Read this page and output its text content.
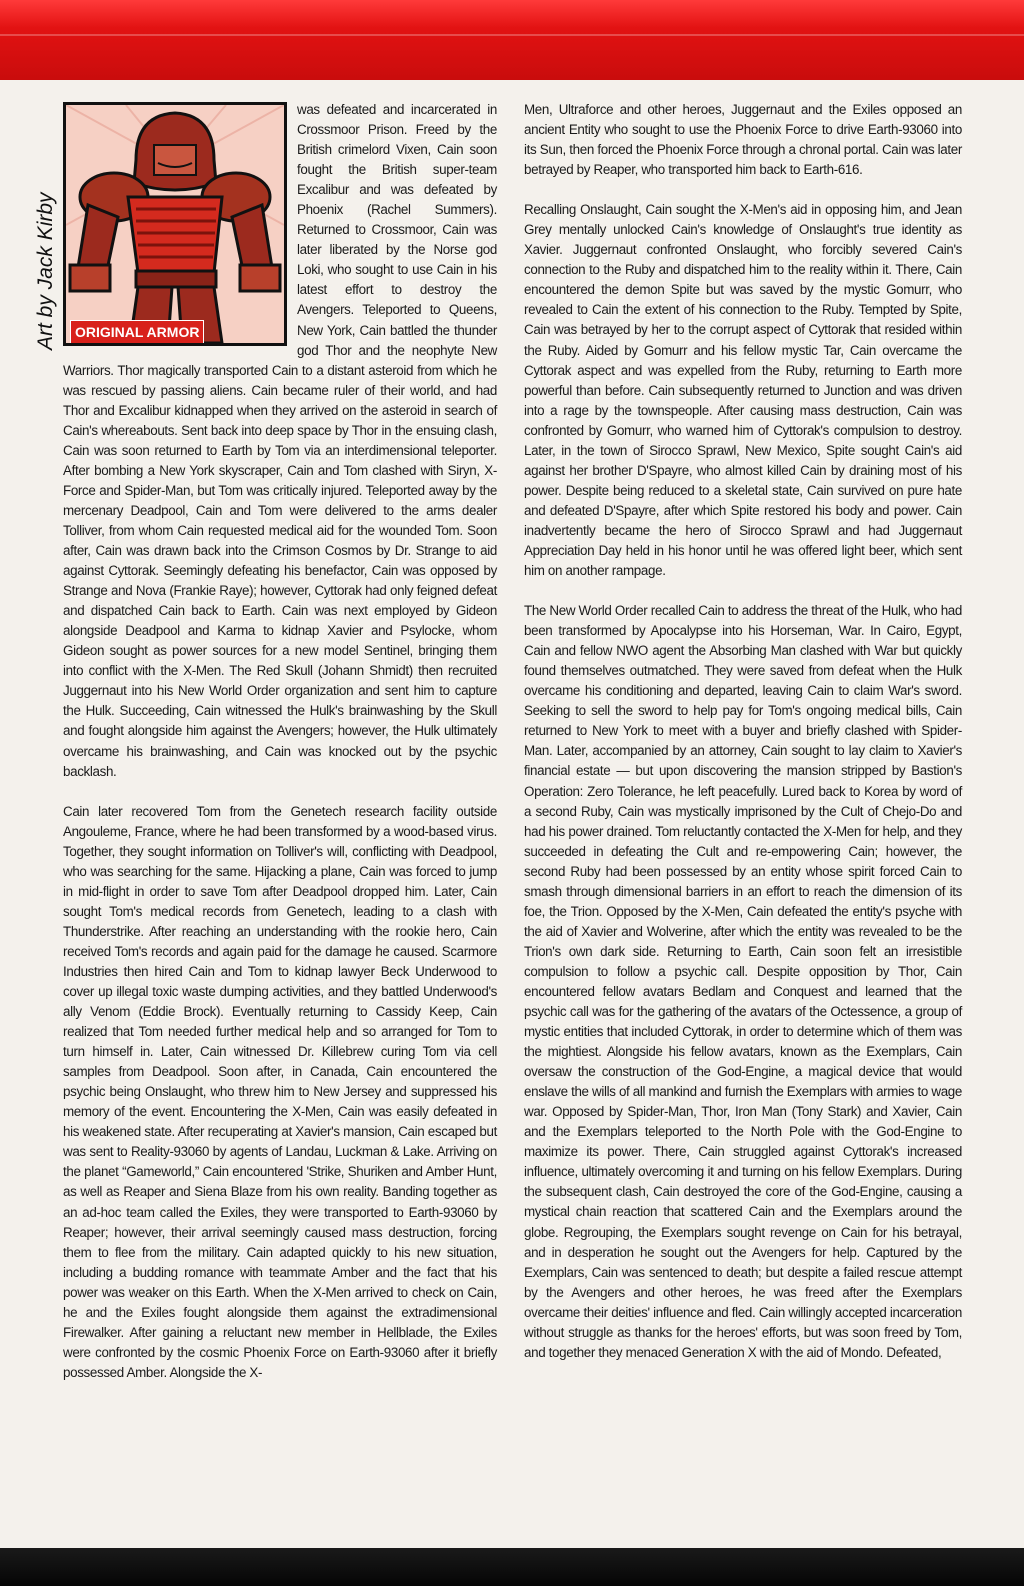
Art by Jack Kirby	ORIGINAL ARMOR

was defeated and incarcerated in Crossmoor Prison. Freed by the British crimelord Vixen, Cain soon fought the British super-team Excalibur and was defeated by Phoenix (Rachel Summers). Returned to Crossmoor, Cain was later liberated by the Norse god Loki, who sought to use Cain in his latest effort to destroy the Avengers. Teleported to Queens, New York, Cain battled the thunder god Thor and the neophyte New Warriors. Thor magically transported Cain to a distant asteroid from which he was rescued by passing aliens. Cain became ruler of their world, and had Thor and Excalibur kidnapped when they arrived on the asteroid in search of Cain's whereabouts. Sent back into deep space by Thor in the ensuing clash, Cain was soon returned to Earth by Tom via an interdimensional teleporter. After bombing a New York skyscraper, Cain and Tom clashed with Siryn, X-Force and Spider-Man, but Tom was critically injured. Teleported away by the mercenary Deadpool, Cain and Tom were delivered to the arms dealer Tolliver, from whom Cain requested medical aid for the wounded Tom. Soon after, Cain was drawn back into the Crimson Cosmos by Dr. Strange to aid against Cyttorak. Seemingly defeating his benefactor, Cain was opposed by Strange and Nova (Frankie Raye); however, Cyttorak had only feigned defeat and dispatched Cain back to Earth. Cain was next employed by Gideon alongside Deadpool and Karma to kidnap Xavier and Psylocke, whom Gideon sought as power sources for a new model Sentinel, bringing them into conflict with the X-Men. The Red Skull (Johann Shmidt) then recruited Juggernaut into his New World Order organization and sent him to capture the Hulk. Succeeding, Cain witnessed the Hulk's brainwashing by the Skull and fought alongside him against the Avengers; however, the Hulk ultimately overcame his brainwashing, and Cain was knocked out by the psychic backlash.

Cain later recovered Tom from the Genetech research facility outside Angouleme, France, where he had been transformed by a wood-based virus. Together, they sought information on Tolliver's will, conflicting with Deadpool, who was searching for the same. Hijacking a plane, Cain was forced to jump in mid-flight in order to save Tom after Deadpool dropped him. Later, Cain sought Tom's medical records from Genetech, leading to a clash with Thunderstrike. After reaching an understanding with the rookie hero, Cain received Tom's records and again paid for the damage he caused. Scarmore Industries then hired Cain and Tom to kidnap lawyer Beck Underwood to cover up illegal toxic waste dumping activities, and they battled Underwood's ally Venom (Eddie Brock). Eventually returning to Cassidy Keep, Cain realized that Tom needed further medical help and so arranged for Tom to turn himself in. Later, Cain witnessed Dr. Killebrew curing Tom via cell samples from Deadpool. Soon after, in Canada, Cain encountered the psychic being Onslaught, who threw him to New Jersey and suppressed his memory of the event. Encountering the X-Men, Cain was easily defeated in his weakened state. After recuperating at Xavier's mansion, Cain escaped but was sent to Reality-93060 by agents of Landau, Luckman & Lake. Arriving on the planet “Gameworld,” Cain encountered 'Strike, Shuriken and Amber Hunt, as well as Reaper and Siena Blaze from his own reality. Banding together as an ad-hoc team called the Exiles, they were transported to Earth-93060 by Reaper; however, their arrival seemingly caused mass destruction, forcing them to flee from the military. Cain adapted quickly to his new situation, including a budding romance with teammate Amber and the fact that his power was weaker on this Earth. When the X-Men arrived to check on Cain, he and the Exiles fought alongside them against the extradimensional Firewalker. After gaining a reluctant new member in Hellblade, the Exiles were confronted by the cosmic Phoenix Force on Earth-93060 after it briefly possessed Amber. Alongside the X-

Men, Ultraforce and other heroes, Juggernaut and the Exiles opposed an ancient Entity who sought to use the Phoenix Force to drive Earth-93060 into its Sun, then forced the Phoenix Force through a chronal portal. Cain was later betrayed by Reaper, who transported him back to Earth-616.

Recalling Onslaught, Cain sought the X-Men's aid in opposing him, and Jean Grey mentally unlocked Cain's knowledge of Onslaught's true identity as Xavier. Juggernaut confronted Onslaught, who forcibly severed Cain's connection to the Ruby and dispatched him to the reality within it. There, Cain encountered the demon Spite but was saved by the mystic Gomurr, who revealed to Cain the extent of his connection to the Ruby. Tempted by Spite, Cain was betrayed by her to the corrupt aspect of Cyttorak that resided within the Ruby. Aided by Gomurr and his fellow mystic Tar, Cain overcame the Cyttorak aspect and was expelled from the Ruby, returning to Earth more powerful than before. Cain subsequently returned to Junction and was driven into a rage by the townspeople. After causing mass destruction, Cain was confronted by Gomurr, who warned him of Cyttorak's compulsion to destroy. Later, in the town of Sirocco Sprawl, New Mexico, Spite sought Cain's aid against her brother D'Spayre, who almost killed Cain by draining most of his power. Despite being reduced to a skeletal state, Cain survived on pure hate and defeated D'Spayre, after which Spite restored his body and power. Cain inadvertently became the hero of Sirocco Sprawl and had Juggernaut Appreciation Day held in his honor until he was offered light beer, which sent him on another rampage.

The New World Order recalled Cain to address the threat of the Hulk, who had been transformed by Apocalypse into his Horseman, War. In Cairo, Egypt, Cain and fellow NWO agent the Absorbing Man clashed with War but quickly found themselves outmatched. They were saved from defeat when the Hulk overcame his conditioning and departed, leaving Cain to claim War's sword. Seeking to sell the sword to help pay for Tom's ongoing medical bills, Cain returned to New York to meet with a buyer and briefly clashed with Spider-Man. Later, accompanied by an attorney, Cain sought to lay claim to Xavier's financial estate — but upon discovering the mansion stripped by Bastion's Operation: Zero Tolerance, he left peacefully. Lured back to Korea by word of a second Ruby, Cain was mystically imprisoned by the Cult of Chejo-Do and had his power drained. Tom reluctantly contacted the X-Men for help, and they succeeded in defeating the Cult and re-empowering Cain; however, the second Ruby had been possessed by an entity whose spirit forced Cain to smash through dimensional barriers in an effort to reach the dimension of its foe, the Trion. Opposed by the X-Men, Cain defeated the entity's psyche with the aid of Xavier and Wolverine, after which the entity was revealed to be the Trion's own dark side. Returning to Earth, Cain soon felt an irresistible compulsion to follow a psychic call. Despite opposition by Thor, Cain encountered fellow avatars Bedlam and Conquest and learned that the psychic call was for the gathering of the avatars of the Octessence, a group of mystic entities that included Cyttorak, in order to determine which of them was the mightiest. Alongside his fellow avatars, known as the Exemplars, Cain oversaw the construction of the God-Engine, a magical device that would enslave the wills of all mankind and furnish the Exemplars with armies to wage war. Opposed by Spider-Man, Thor, Iron Man (Tony Stark) and Xavier, Cain and the Exemplars teleported to the North Pole with the God-Engine to maximize its power. There, Cain struggled against Cyttorak's increased influence, ultimately overcoming it and turning on his fellow Exemplars. During the subsequent clash, Cain destroyed the core of the God-Engine, causing a mystical chain reaction that scattered Cain and the Exemplars around the globe. Regrouping, the Exemplars sought revenge on Cain for his betrayal, and in desperation he sought out the Avengers for help. Captured by the Exemplars, Cain was sentenced to death; but despite a failed rescue attempt by the Avengers and other heroes, he was freed after the Exemplars overcame their deities' influence and fled. Cain willingly accepted incarceration without struggle as thanks for the heroes' efforts, but was soon freed by Tom, and together they menaced Generation X with the aid of Mondo. Defeated,
